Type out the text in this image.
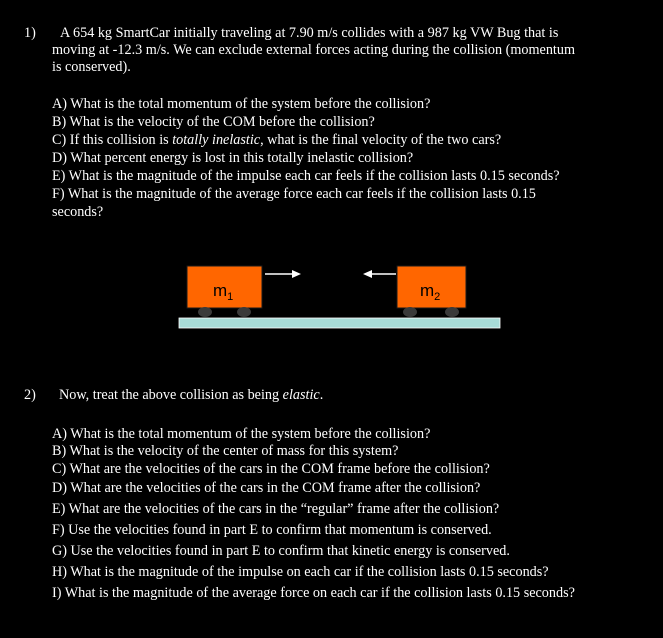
1) A 654 kg SmartCar initially traveling at 7.90 m/s collides with a 987 kg VW Bug that is
moving at -12.3 m/s. We can exclude external forces acting during the collision (momentum
is conserved).
A) What is the total momentum of the system before the collision?
B) What is the velocity of the COM before the collision?
C) If this collision is totally inelastic, what is the final velocity of the two cars?
D) What percent energy is lost in this totally inelastic collision?
E) What is the magnitude of the impulse each car feels if the collision lasts 0.15 seconds?
F) What is the magnitude of the average force each car feels if the collision lasts 0.15
seconds?
$m_1$	$m_2$
2) Now, treat the above collision as being elastic.
A) What is the total momentum of the system before the collision?
B) What is the velocity of the center of mass for this system?
C) What are the velocities of the cars in the COM frame before the collision?
D) What are the velocities of the cars in the COM frame after the collision?
E) What are the velocities of the cars in the “regular” frame after the collision?
F) Use the velocities found in part E to confirm that momentum is conserved.
G) Use the velocities found in part E to confirm that kinetic energy is conserved.
H) What is the magnitude of the impulse on each car if the collision lasts 0.15 seconds?
I) What is the magnitude of the average force on each car if the collision lasts 0.15 seconds?
